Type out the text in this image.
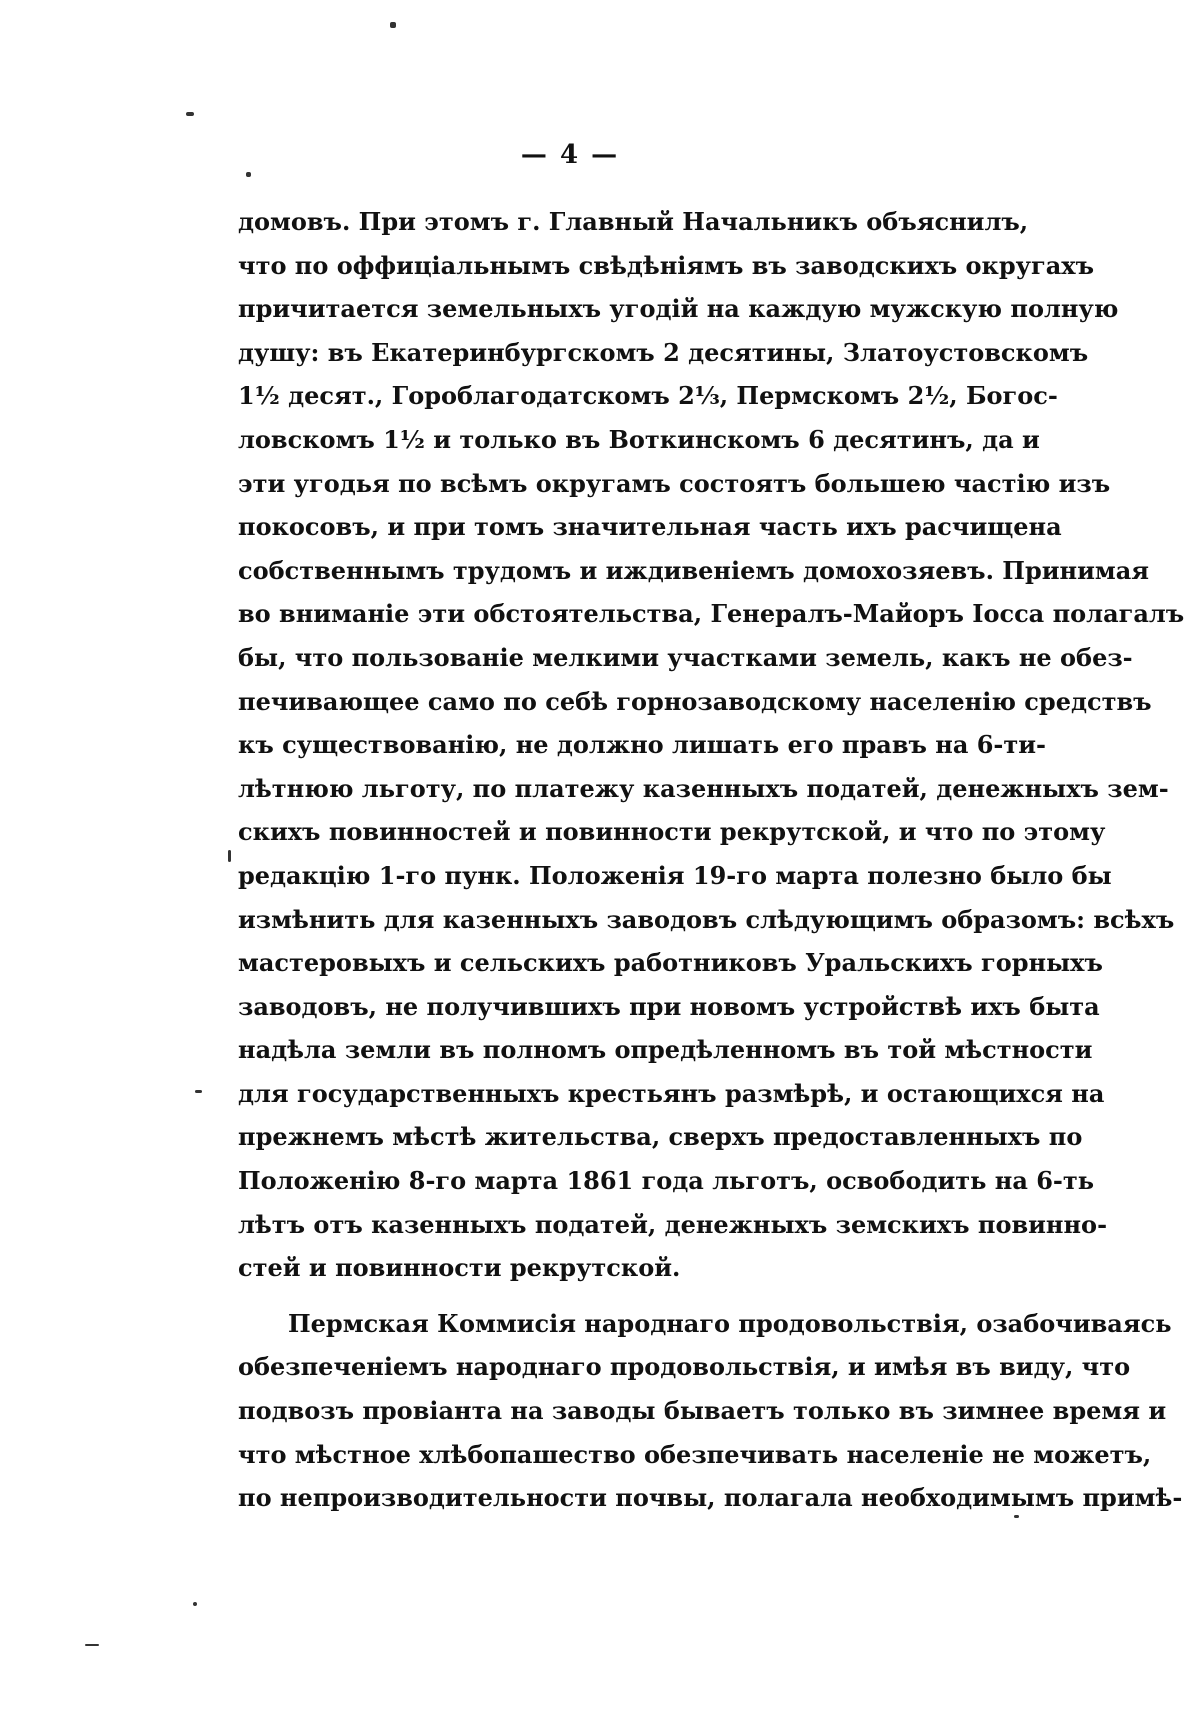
— 4 —
домовъ. При этомъ г. Главный Начальникъ объяснилъ,
что по оффиціальнымъ свѣдѣніямъ въ заводскихъ округахъ
причитается земельныхъ угодій на каждую мужскую полную
душу: въ Екатеринбургскомъ 2 десятины, Златоустовскомъ
1½ десят., Гороблагодатскомъ 2⅓, Пермскомъ 2½, Богос-
ловскомъ 1½ и только въ Воткинскомъ 6 десятинъ, да и
эти угодья по всѣмъ округамъ состоятъ большею частію изъ
покосовъ, и при томъ значительная часть ихъ расчищена
собственнымъ трудомъ и иждивеніемъ домохозяевъ. Принимая
во вниманіе эти обстоятельства, Генералъ-Майоръ Іосса полагалъ
бы, что пользованіе мелкими участками земель, какъ не обез-
печивающее само по себѣ горнозаводскому населенію средствъ
къ существованію, не должно лишать его правъ на 6-ти-
лѣтнюю льготу, по платежу казенныхъ податей, денежныхъ зем-
скихъ повинностей и повинности рекрутской, и что по этому
редакцію 1-го пунк. Положенія 19-го марта полезно было бы
измѣнить для казенныхъ заводовъ слѣдующимъ образомъ: всѣхъ
мастеровыхъ и сельскихъ работниковъ Уральскихъ горныхъ
заводовъ, не получившихъ при новомъ устройствѣ ихъ быта
надѣла земли въ полномъ опредѣленномъ въ той мѣстности
для государственныхъ крестьянъ размѣрѣ, и остающихся на
прежнемъ мѣстѣ жительства, сверхъ предоставленныхъ по
Положенію 8-го марта 1861 года льготъ, освободить на 6-ть
лѣтъ отъ казенныхъ податей, денежныхъ земскихъ повинно-
стей и повинности рекрутской.
Пермская Коммисія народнаго продовольствія, озабочиваясь
обезпеченіемъ народнаго продовольствія, и имѣя въ виду, что
подвозъ провіанта на заводы бываетъ только въ зимнее время и
что мѣстное хлѣбопашество обезпечивать населеніе не можетъ,
по непроизводительности почвы, полагала необходимымъ примѣ-
